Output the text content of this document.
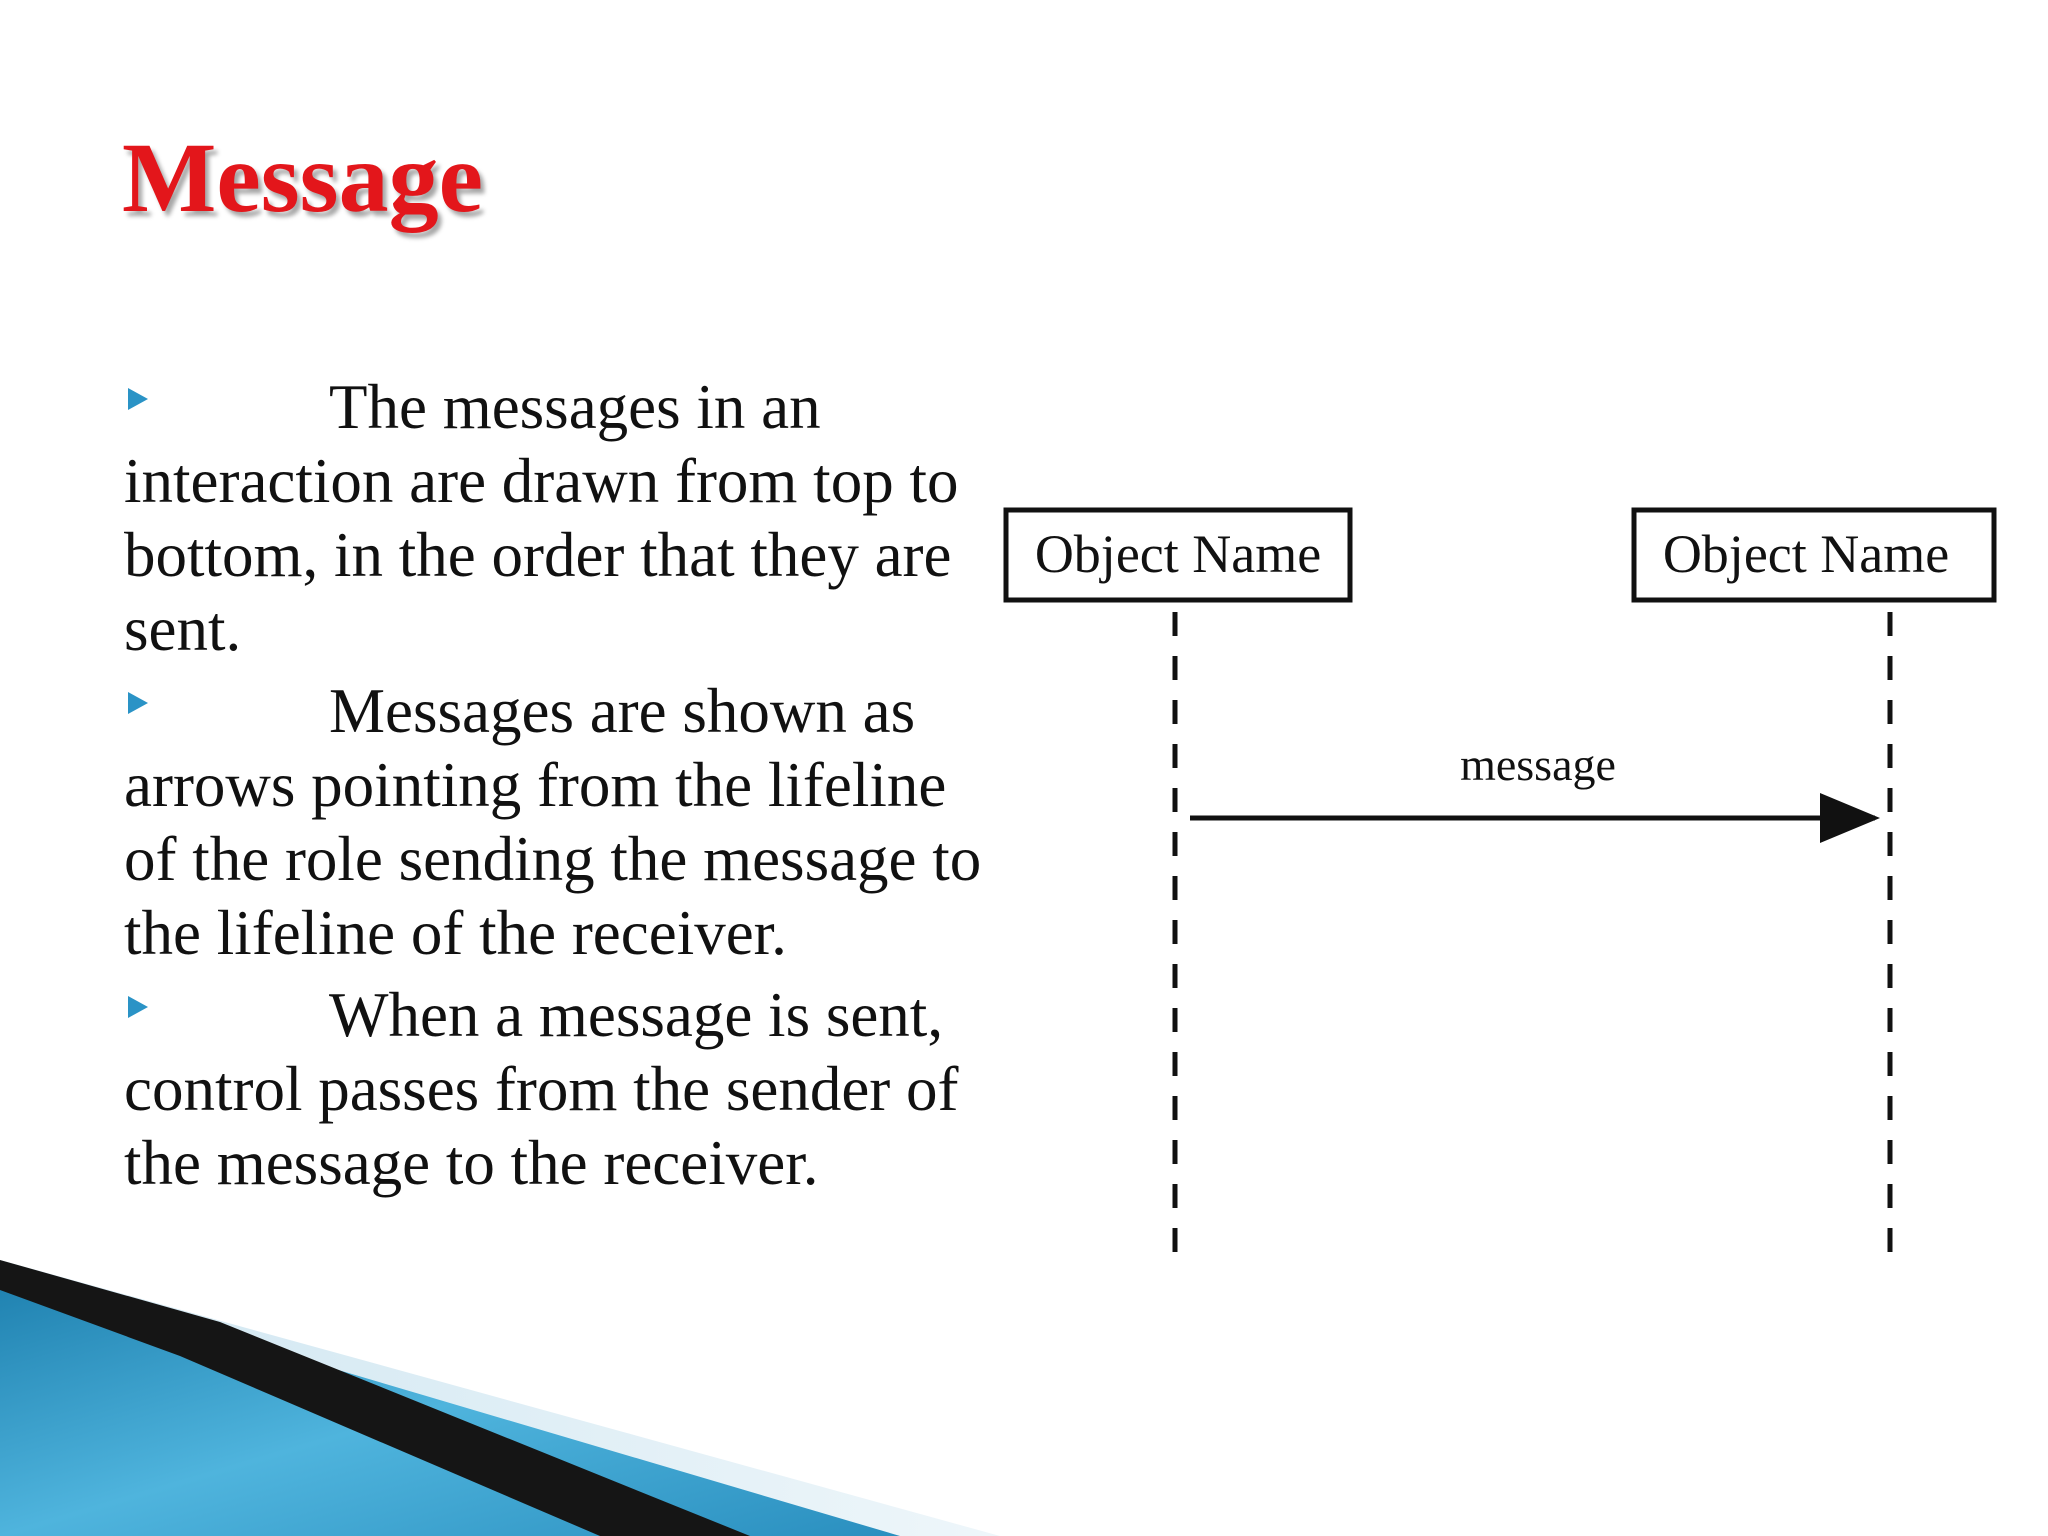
Message
The messages in an interaction are drawn from top to bottom, in the order that they are sent.
Messages are shown as arrows pointing from the lifeline of the role sending the message to the lifeline of the receiver.
When a message is sent, control passes from the sender of the message to the receiver.
Object Name	Object Name
message
